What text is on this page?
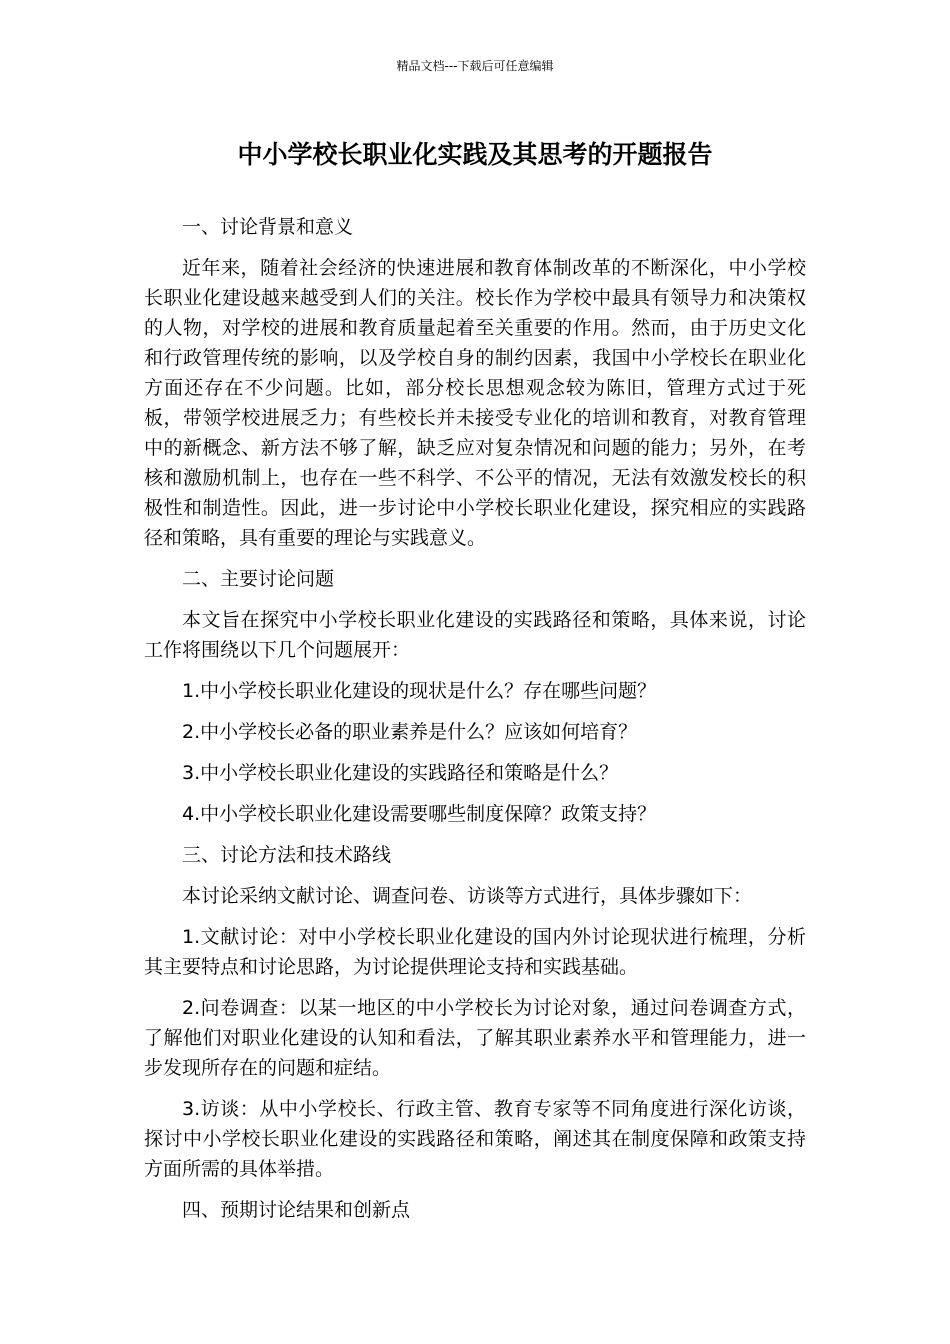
精品文档---下载后可任意编辑
中小学校长职业化实践及其思考的开题报告

一、讨论背景和意义

近年来，随着社会经济的快速进展和教育体制改革的不断深化，中小学校长职业化建设越来越受到人们的关注。校长作为学校中最具有领导力和决策权的人物，对学校的进展和教育质量起着至关重要的作用。然而，由于历史文化和行政管理传统的影响，以及学校自身的制约因素，我国中小学校长在职业化方面还存在不少问题。比如，部分校长思想观念较为陈旧，管理方式过于死板，带领学校进展乏力；有些校长并未接受专业化的培训和教育，对教育管理中的新概念、新方法不够了解，缺乏应对复杂情况和问题的能力；另外，在考核和激励机制上，也存在一些不科学、不公平的情况，无法有效激发校长的积极性和制造性。因此，进一步讨论中小学校长职业化建设，探究相应的实践路径和策略，具有重要的理论与实践意义。

二、主要讨论问题

本文旨在探究中小学校长职业化建设的实践路径和策略，具体来说，讨论工作将围绕以下几个问题展开：

1.中小学校长职业化建设的现状是什么？存在哪些问题？

2.中小学校长必备的职业素养是什么？应该如何培育？

3.中小学校长职业化建设的实践路径和策略是什么？

4.中小学校长职业化建设需要哪些制度保障？政策支持？

三、讨论方法和技术路线

本讨论采纳文献讨论、调查问卷、访谈等方式进行，具体步骤如下：

1.文献讨论：对中小学校长职业化建设的国内外讨论现状进行梳理，分析其主要特点和讨论思路，为讨论提供理论支持和实践基础。

2.问卷调查：以某一地区的中小学校长为讨论对象，通过问卷调查方式，了解他们对职业化建设的认知和看法，了解其职业素养水平和管理能力，进一步发现所存在的问题和症结。

3.访谈：从中小学校长、行政主管、教育专家等不同角度进行深化访谈，探讨中小学校长职业化建设的实践路径和策略，阐述其在制度保障和政策支持方面所需的具体举措。

四、预期讨论结果和创新点
